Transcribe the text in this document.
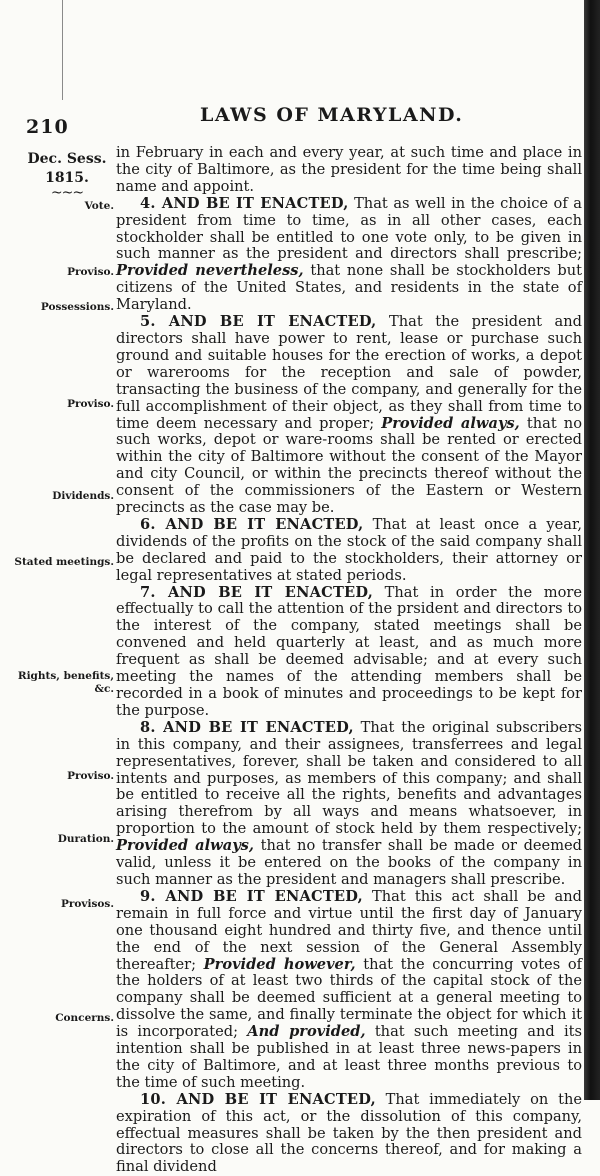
210
LAWS OF MARYLAND.
Dec. Sess.
1815.
~~~
Vote.
Proviso.
Possessions.
Proviso.
Dividends.
Stated meetings.
Rights, benefits, &c.
Proviso.
Duration.
Provisos.
Concerns.

in February in each and every year, at such time and place in the city of Baltimore, as the president for the time being shall name and appoint.

4. AND BE IT ENACTED, That as well in the choice of a president from time to time, as in all other cases, each stockholder shall be entitled to one vote only, to be given in such manner as the president and directors shall prescribe; Provided nevertheless, that none shall be stockholders but citizens of the United States, and residents in the state of Maryland.

5. AND BE IT ENACTED, That the president and directors shall have power to rent, lease or purchase such ground and suitable houses for the erection of works, a depot or warerooms for the reception and sale of powder, transacting the business of the company, and generally for the full accomplishment of their object, as they shall from time to time deem necessary and proper; Provided always, that no such works, depot or ware-rooms shall be rented or erected within the city of Baltimore without the consent of the Mayor and city Council, or within the precincts thereof without the consent of the commissioners of the Eastern or Western precincts as the case may be.

6. AND BE IT ENACTED, That at least once a year, dividends of the profits on the stock of the said company shall be declared and paid to the stockholders, their attorney or legal representatives at stated periods.

7. AND BE IT ENACTED, That in order the more effectually to call the attention of the prsident and directors to the interest of the company, stated meetings shall be convened and held quarterly at least, and as much more frequent as shall be deemed advisable; and at every such meeting the names of the attending members shall be recorded in a book of minutes and proceedings to be kept for the purpose.

8. AND BE IT ENACTED, That the original subscribers in this company, and their assignees, transferrees and legal representatives, forever, shall be taken and considered to all intents and purposes, as members of this company; and shall be entitled to receive all the rights, benefits and advantages arising therefrom by all ways and means whatsoever, in proportion to the amount of stock held by them respectively; Provided always, that no transfer shall be made or deemed valid, unless it be entered on the books of the company in such manner as the president and managers shall prescribe.

9. AND BE IT ENACTED, That this act shall be and remain in full force and virtue until the first day of January one thousand eight hundred and thirty five, and thence until the end of the next session of the General Assembly thereafter; Provided however, that the concurring votes of the holders of at least two thirds of the capital stock of the company shall be deemed sufficient at a general meeting to dissolve the same, and finally terminate the object for which it is incorporated; And provided, that such meeting and its intention shall be published in at least three news-papers in the city of Baltimore, and at least three months previous to the time of such meeting.

10. AND BE IT ENACTED, That immediately on the expiration of this act, or the dissolution of this company, effectual measures shall be taken by the then president and directors to close all the concerns thereof, and for making a final dividend
